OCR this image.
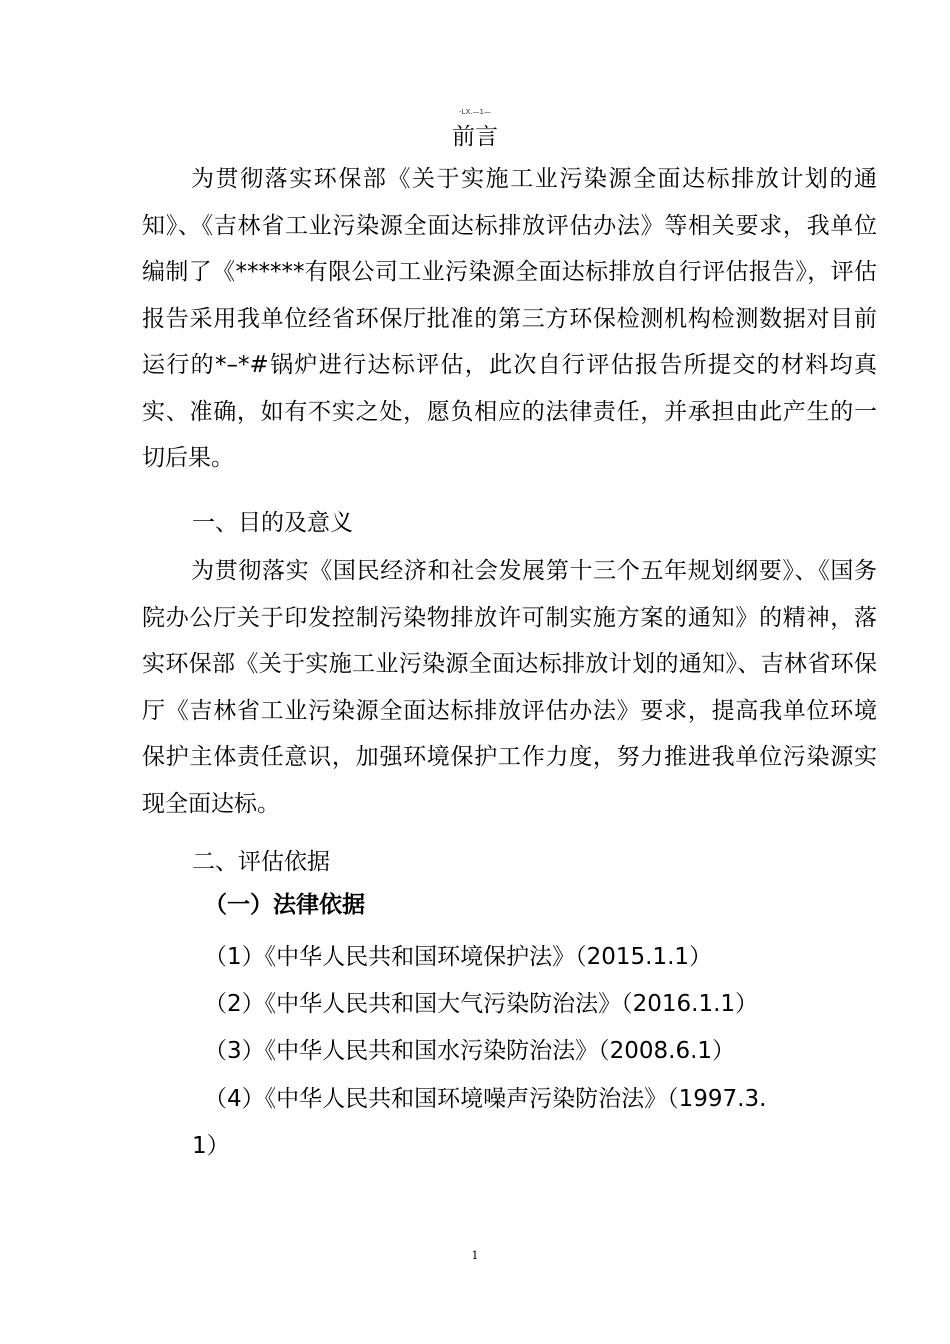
-LX.—1—
前言

为贯彻落实环保部《关于实施工业污染源全面达标排放计划的通知》、《吉林省工业污染源全面达标排放评估办法》等相关要求，我单位编制了《******有限公司工业污染源全面达标排放自行评估报告》，评估报告采用我单位经省环保厅批准的第三方环保检测机构检测数据对目前运行的*–*#锅炉进行达标评估，此次自行评估报告所提交的材料均真实、准确，如有不实之处，愿负相应的法律责任，并承担由此产生的一切后果。

一、目的及意义

为贯彻落实《国民经济和社会发展第十三个五年规划纲要》、《国务院办公厅关于印发控制污染物排放许可制实施方案的通知》的精神，落实环保部《关于实施工业污染源全面达标排放计划的通知》、吉林省环保厅《吉林省工业污染源全面达标排放评估办法》要求，提高我单位环境保护主体责任意识，加强环境保护工作力度，努力推进我单位污染源实现全面达标。

二、评估依据
（一）法律依据
（1）《中华人民共和国环境保护法》（2015.1.1）
（2）《中华人民共和国大气污染防治法》（2016.1.1）
（3）《中华人民共和国水污染防治法》（2008.6.1）
（4）《中华人民共和国环境噪声污染防治法》（1997.3.
1）
1
